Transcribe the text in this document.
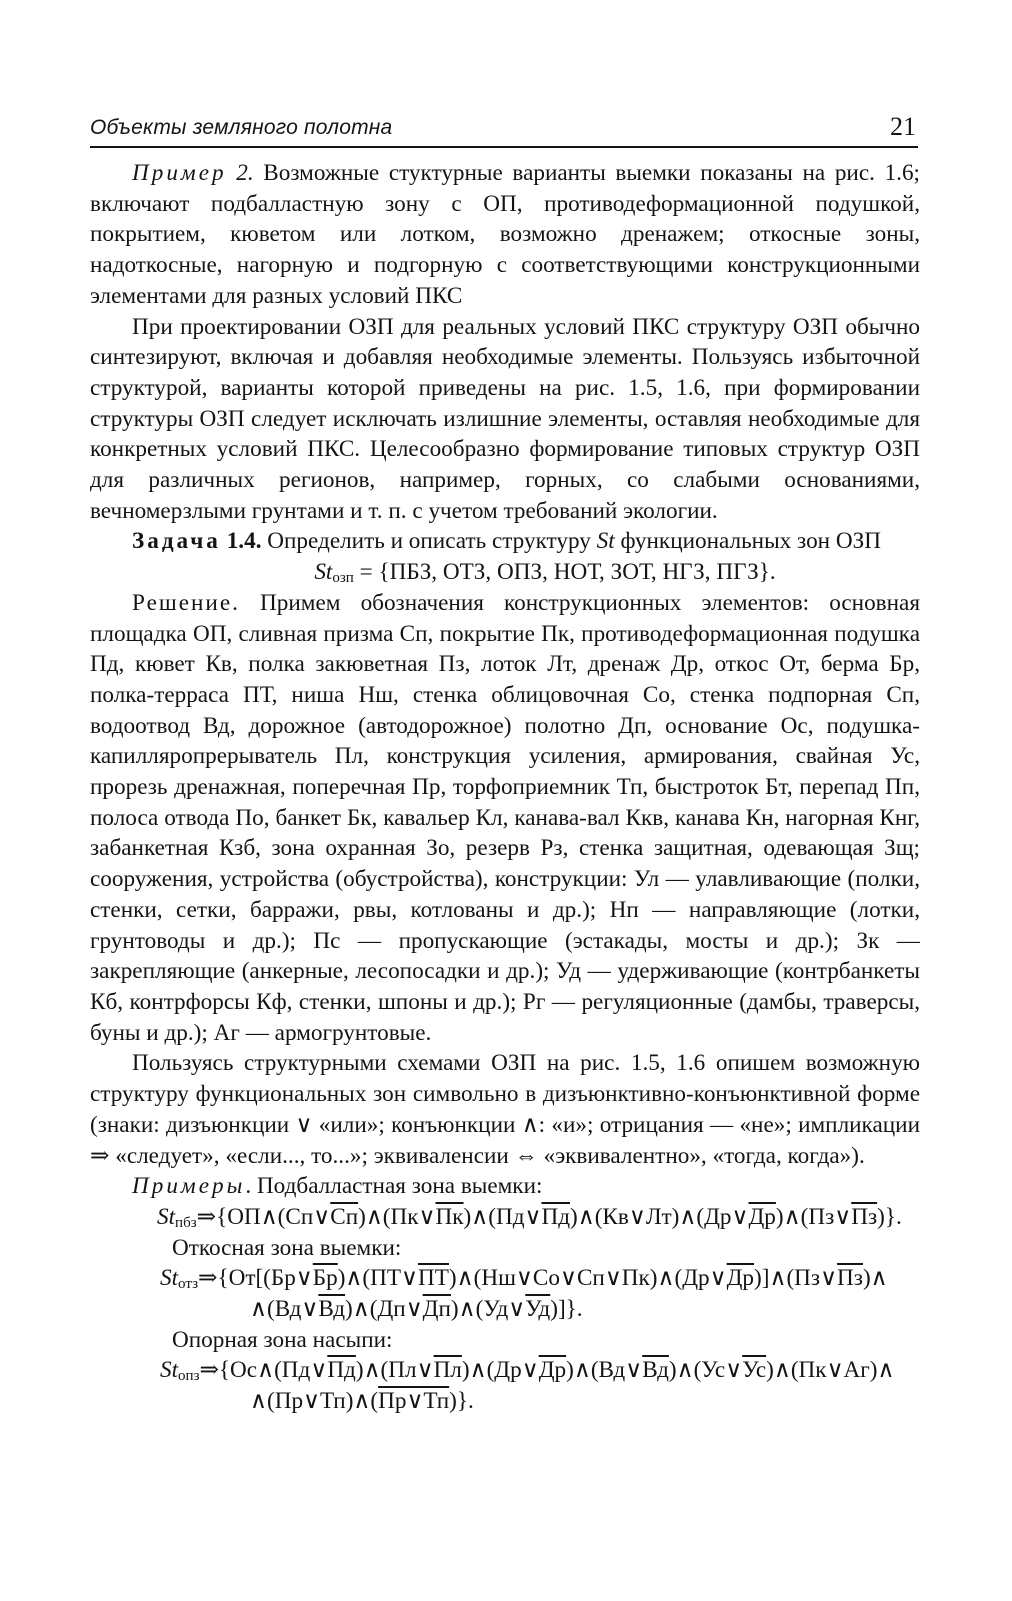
Объекты земляного полотна	21

Пример 2. Возможные стуктурные варианты выемки показаны на рис. 1.6; включают подбалластную зону с ОП, противодеформационной подушкой, покрытием, кюветом или лотком, возможно дренажем; откосные зоны, надоткосные, нагорную и подгорную с соответствующими конструкционными элементами для разных условий ПКС

При проектировании ОЗП для реальных условий ПКС структуру ОЗП обычно синтезируют, включая и добавляя необходимые элементы. Пользуясь избыточной структурой, варианты которой приведены на рис. 1.5, 1.6, при формировании структуры ОЗП следует исключать излишние элементы, оставляя необходимые для конкретных условий ПКС. Целесообразно формирование типовых структур ОЗП для различных регионов, например, горных, со слабыми основаниями, вечномерзлыми грунтами и т. п. с учетом требований экологии.

Задача 1.4. Определить и описать структуру St функциональных зон ОЗП

$St_{озп} = \{ПБЗ$, ОТЗ, ОПЗ, НОТ, ЗОТ, НГЗ, ПГЗ}.

Решение. Примем обозначения конструкционных элементов: основная площадка ОП, сливная призма Сп, покрытие Пк, противодеформационная подушка Пд, кювет Кв, полка закюветная Пз, лоток Лт, дренаж Др, откос От, берма Бр, полка-терраса ПТ, ниша Нш, стенка облицовочная Со, стенка подпорная Сп, водоотвод Вд, дорожное (автодорожное) полотно Дп, основание Ос, подушка-капилляропрерыватель Пл, конструкция усиления, армирования, свайная Ус, прорезь дренажная, поперечная Пр, торфоприемник Тп, быстроток Бт, перепад Пп, полоса отвода По, банкет Бк, кавальер Кл, канава-вал Ккв, канава Кн, нагорная Кнг, забанкетная Кзб, зона охранная Зо, резерв Рз, стенка защитная, одевающая Зщ; сооружения, устройства (обустройства), конструкции: Ул — улавливающие (полки, стенки, сетки, барражи, рвы, котлованы и др.); Нп — направляющие (лотки, грунтоводы и др.); Пс — пропускающие (эстакады, мосты и др.); Зк — закрепляющие (анкерные, лесопосадки и др.); Уд — удерживающие (контрбанкеты Кб, контрфорсы Кф, стенки, шпоны и др.); Рг — регуляционные (дамбы, траверсы, буны и др.); Аг — армогрунтовые.

Пользуясь структурными схемами ОЗП на рис. 1.5, 1.6 опишем возможную структуру функциональных зон символьно в дизъюнктивно-конъюнктивной форме (знаки: дизъюнкции ∨ «или»; конъюнкции ∧: «и»; отрицания — «не»; импликации ⇒ «следует», «если..., то...»; эквиваленсии ⇔ «эквивалентно», «тогда, когда»).

Примеры. Подбалластная зона выемки:

$St_{пбз}\Rightarrow\{ОП\wedge(Сп\vee Сп)\wedge(Пк\vee Пк)\wedge(Пд\vee Пд)\wedge(Кв\vee Лт)\wedge(Др\vee Др)\wedge(Пз\vee Пз)\}$.

Откосная зона выемки:

$St_{отз}\Rightarrow\{От[(Бр\vee Бр)\wedge(ПТ\vee ПТ)\wedge(Нш\vee Со\vee Сп\vee Пк)\wedge(Др\vee Др)]\wedge(Пз\vee Пз)\wedge$

∧(Вд∨Вд)∧(Дп∨Дп)∧(Уд∨Уд)]}.

Опорная зона насыпи:

$St_{опз}\Rightarrow\{Ос\wedge(Пд\vee Пд)\wedge(Пл\vee Пл)\wedge(Др\vee Др)\wedge(Вд\vee Вд)\wedge(Ус\vee Ус)\wedge(Пк\vee Аг)\wedge$

∧(Пр∨Тп)∧(Пр∨Тп)}.
